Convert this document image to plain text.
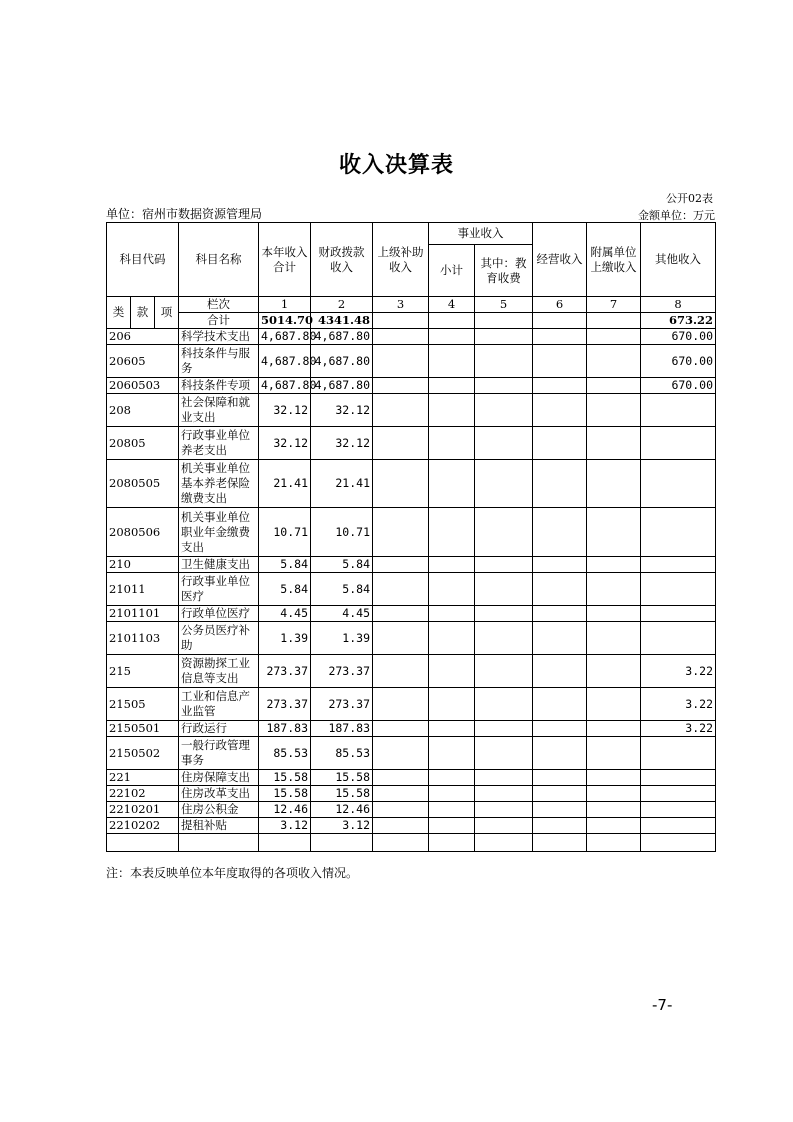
收入决算表
公开02表
单位：宿州市数据资源管理局	金额单位：万元
科目代码			科目名称	本年收入合计	财政拨款收入	上级补助收入	事业收入		经营收入	附属单位上缴收入	其他收入
							小计	其中：教育收费			
类	款	项	栏次	1	2	3	4	5	6	7	8
			合计	5014.70	4341.48						673.22
206			科学技术支出	4,687.80	4,687.80						670.00
20605			科技条件与服务	4,687.80	4,687.80						670.00
2060503			科技条件专项	4,687.80	4,687.80						670.00
208			社会保障和就业支出	32.12	32.12						
20805			行政事业单位养老支出	32.12	32.12						
2080505			机关事业单位基本养老保险缴费支出	21.41	21.41						
2080506			机关事业单位职业年金缴费支出	10.71	10.71						
210			卫生健康支出	5.84	5.84						
21011			行政事业单位医疗	5.84	5.84						
2101101			行政单位医疗	4.45	4.45						
2101103			公务员医疗补助	1.39	1.39						
215			资源勘探工业信息等支出	273.37	273.37						3.22
21505			工业和信息产业监管	273.37	273.37						3.22
2150501			行政运行	187.83	187.83						3.22
2150502			一般行政管理事务	85.53	85.53						
221			住房保障支出	15.58	15.58						
22102			住房改革支出	15.58	15.58						
2210201			住房公积金	12.46	12.46						
2210202			提租补贴	3.12	3.12						

注：本表反映单位本年度取得的各项收入情况。
-7-
